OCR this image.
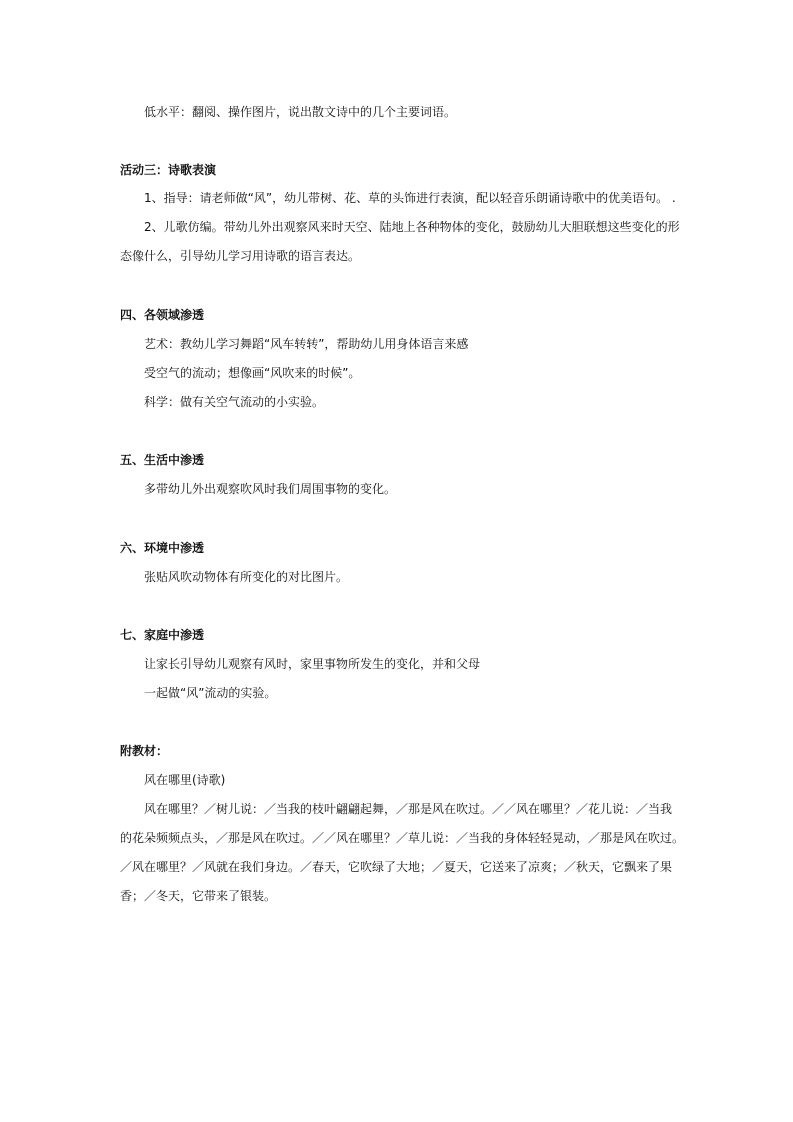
低水平：翻阅、操作图片，说出散文诗中的几个主要词语。
活动三：诗歌表演
1、指导：请老师做“风”，幼儿带树、花、草的头饰进行表演，配以轻音乐朗诵诗歌中的优美语句。 .
2、儿歌仿编。带幼儿外出观察风来时天空、陆地上各种物体的变化，鼓励幼儿大胆联想这些变化的形
态像什么，引导幼儿学习用诗歌的语言表达。
四、各领域渗透
艺术：教幼儿学习舞蹈“风车转转”，帮助幼儿用身体语言来感
受空气的流动；想像画“风吹来的时候”。
科学：做有关空气流动的小实验。
五、生活中渗透
多带幼儿外出观察吹风时我们周围事物的变化。
六、环境中渗透
张贴风吹动物体有所变化的对比图片。
七、家庭中渗透
让家长引导幼儿观察有风时，家里事物所发生的变化，并和父母
一起做“风”流动的实验。
附教材：
风在哪里(诗歌)
风在哪里？／树儿说：／当我的枝叶翩翩起舞，／那是风在吹过。／／风在哪里？／花儿说：／当我
的花朵频频点头，／那是风在吹过。／／风在哪里？／草儿说：／当我的身体轻轻晃动，／那是风在吹过。
／风在哪里？／风就在我们身边。／春天，它吹绿了大地；／夏天，它送来了凉爽；／秋天，它飘来了果
香；／冬天，它带来了银装。
